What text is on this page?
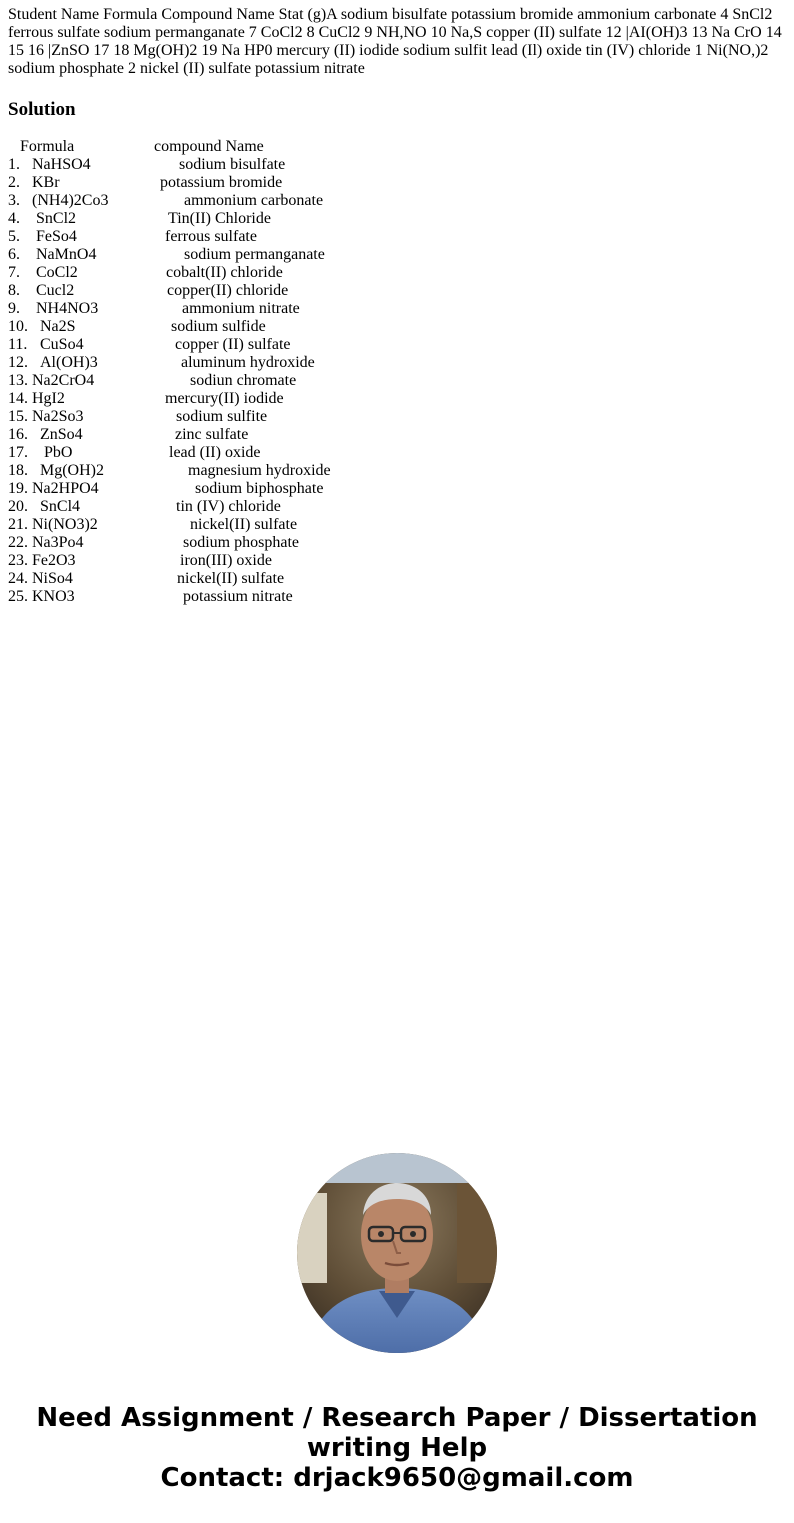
Student Name Formula Compound Name Stat (g)A sodium bisulfate potassium bromide ammonium carbonate 4 SnCl2 ferrous sulfate sodium permanganate 7 CoCl2 8 CuCl2 9 NH,NO 10 Na,S copper (II) sulfate 12 |AI(OH)3 13 Na CrO 14 15 16 |ZnSO 17 18 Mg(OH)2 19 Na HP0 mercury (II) iodide sodium sulfit lead (Il) oxide tin (IV) chloride 1 Ni(NO,)2 sodium phosphate 2 nickel (II) sulfate potassium nitrate
Solution

Formula

	compound Name

1. NaHSO4	sodium bisulfate
2. KBr	potassium bromide
3. (NH4)2Co3	ammonium carbonate
4. SnCl2	Tin(II) Chloride
5. FeSo4	ferrous sulfate
6. NaMnO4	sodium permanganate
7. CoCl2	cobalt(II) chloride
8. Cucl2	copper(II) chloride
9. NH4NO3	ammonium nitrate
10. Na2S	sodium sulfide
11. CuSo4	copper (II) sulfate
12. Al(OH)3	aluminum hydroxide
13. Na2CrO4	sodiun chromate
14. HgI2	mercury(II) iodide
15. Na2So3	sodium sulfite
16. ZnSo4	zinc sulfate
17. PbO	lead (II) oxide
18. Mg(OH)2	magnesium hydroxide
19. Na2HPO4	sodium biphosphate
20. SnCl4	tin (IV) chloride
21. Ni(NO3)2	nickel(II) sulfate
22. Na3Po4	sodium phosphate
23. Fe2O3	iron(III) oxide
24. NiSo4	nickel(II) sulfate
25. KNO3	potassium nitrate
Need Assignment / Research Paper / Dissertation
writing Help
Contact: drjack9650@gmail.com
